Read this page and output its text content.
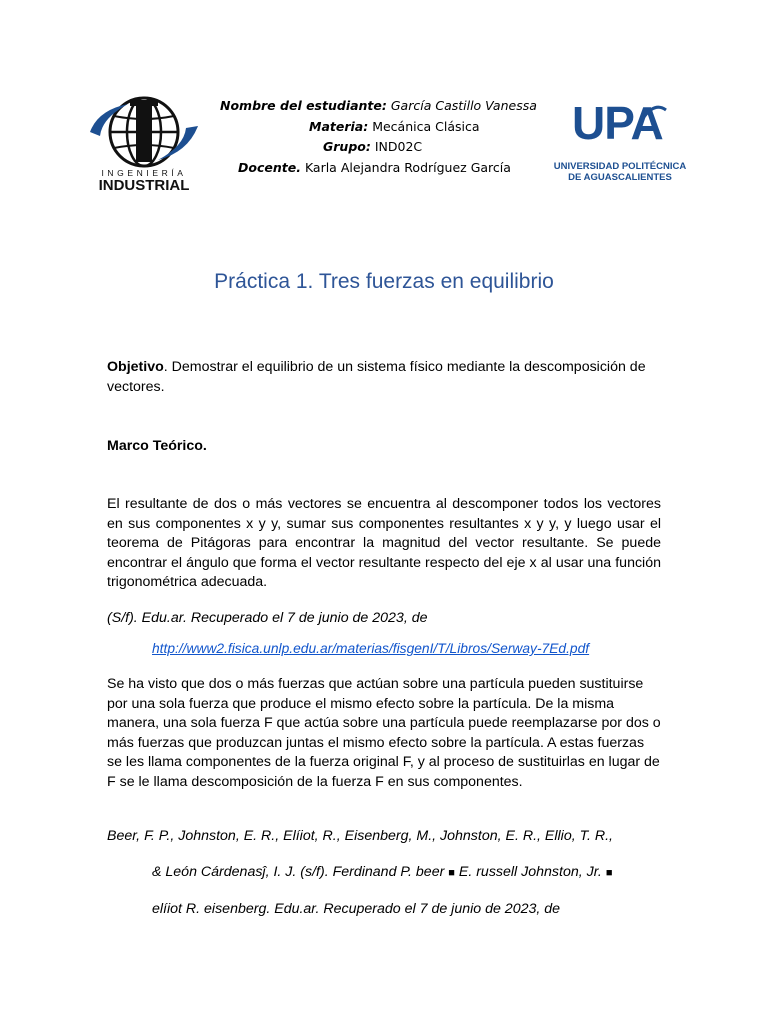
INGENIERÍA
INDUSTRIAL
Nombre del estudiante: García Castillo Vanessa
Materia: Mecánica Clásica
Grupo: IND02C
Docente. Karla Alejandra Rodríguez García
UPA
UNIVERSIDAD POLITÉCNICA
DE AGUASCALIENTES
Práctica 1. Tres fuerzas en equilibrio
Objetivo. Demostrar el equilibrio de un sistema físico mediante la descomposición de vectores.
Marco Teórico.
El resultante de dos o más vectores se encuentra al descomponer todos los vectores en sus componentes x y y, sumar sus componentes resultantes x y y, y luego usar el teorema de Pitágoras para encontrar la magnitud del vector resultante. Se puede encontrar el ángulo que forma el vector resultante respecto del eje x al usar una función trigonométrica adecuada.
(S/f). Edu.ar. Recuperado el 7 de junio de 2023, de
http://www2.fisica.unlp.edu.ar/materias/fisgenI/T/Libros/Serway-7Ed.pdf
Se ha visto que dos o más fuerzas que actúan sobre una partícula pueden sustituirse por una sola fuerza que produce el mismo efecto sobre la partícula. De la misma manera, una sola fuerza F que actúa sobre una partícula puede reemplazarse por dos o más fuerzas que produzcan juntas el mismo efecto sobre la partícula. A estas fuerzas se les llama componentes de la fuerza original F, y al proceso de sustituirlas en lugar de F se le llama descomposición de la fuerza F en sus componentes.
Beer, F. P., Johnston, E. R., Elíiot, R., Eisenberg, M., Johnston, E. R., Ellio, T. R.,
& León Cárdenasĵ, I. J. (s/f). Ferdinand P. beer ■ E. russell Johnston, Jr. ■
elíiot R. eisenberg. Edu.ar. Recuperado el 7 de junio de 2023, de
